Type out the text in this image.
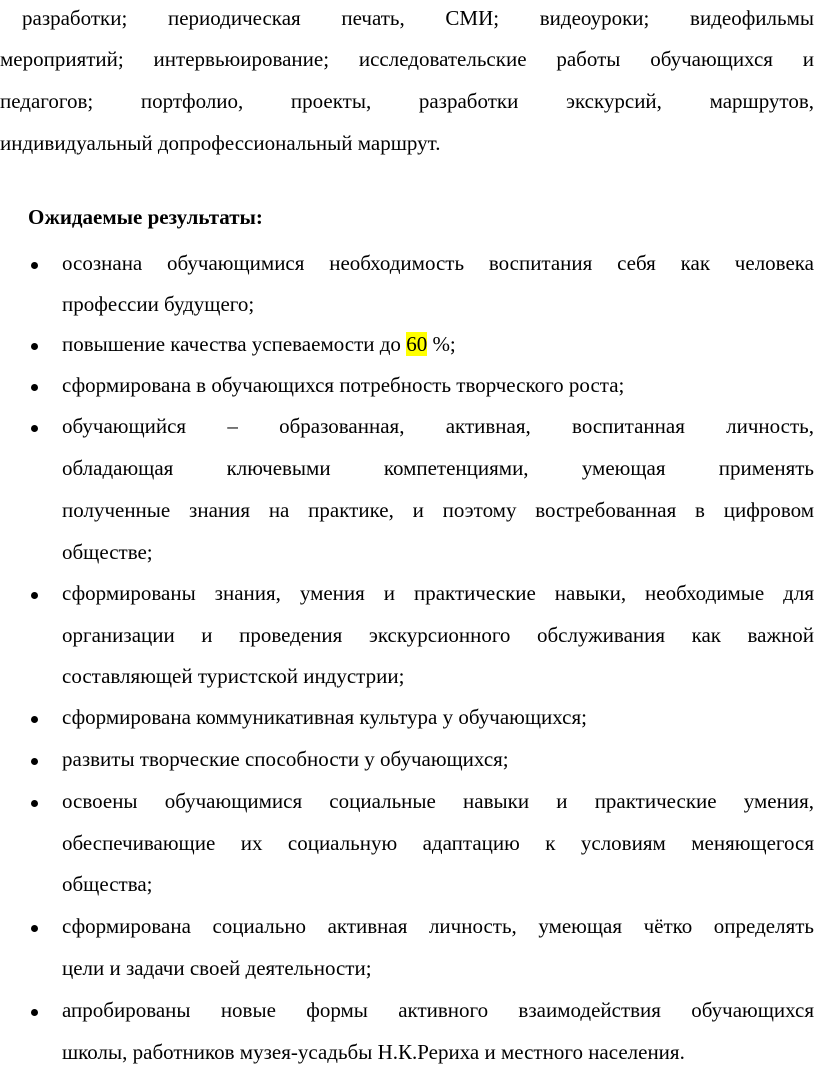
разработки; периодическая печать, СМИ; видеоуроки; видеофильмы
мероприятий; интервьюирование; исследовательские работы обучающихся и
педагогов; портфолио, проекты, разработки экскурсий, маршрутов,
индивидуальный допрофессиональный маршрут.
Ожидаемые результаты:
осознана обучающимися необходимость воспитания себя как человека
профессии будущего;
повышение качества успеваемости до 60 %;
сформирована в обучающихся потребность творческого роста;
обучающийся – образованная, активная, воспитанная личность,
обладающая ключевыми компетенциями, умеющая применять
полученные знания на практике, и поэтому востребованная в цифровом
обществе;
сформированы знания, умения и практические навыки, необходимые для
организации и проведения экскурсионного обслуживания как важной
составляющей туристской индустрии;
сформирована коммуникативная культура у обучающихся;
развиты творческие способности у обучающихся;
освоены обучающимися социальные навыки и практические умения,
обеспечивающие их социальную адаптацию к условиям меняющегося
общества;
сформирована социально активная личность, умеющая чётко определять
цели и задачи своей деятельности;
апробированы новые формы активного взаимодействия обучающихся
школы, работников музея-усадьбы Н.К.Рериха и местного населения.
